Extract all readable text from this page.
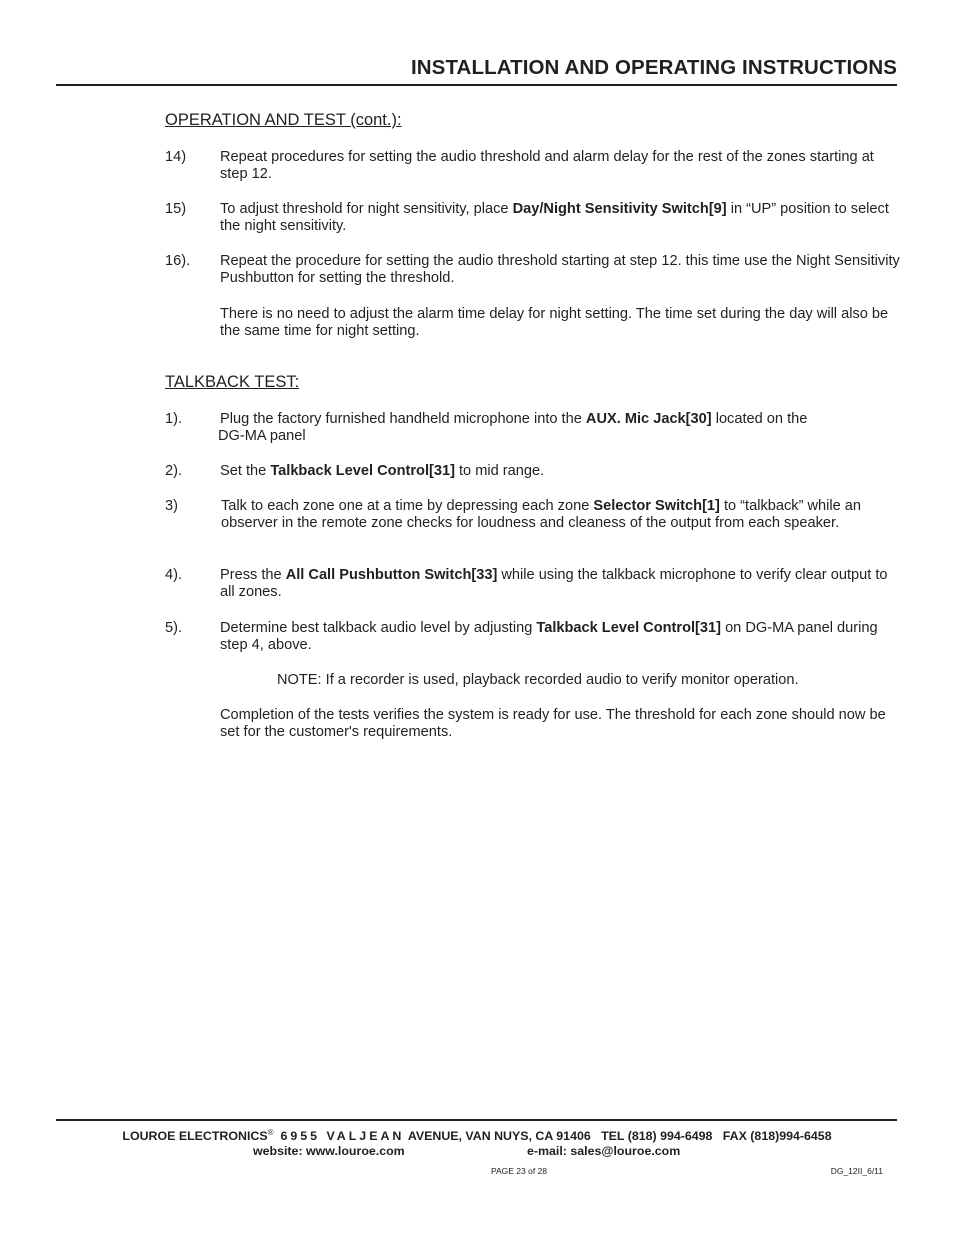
INSTALLATION AND OPERATING INSTRUCTIONS
OPERATION AND TEST (cont.):
14) Repeat procedures for setting the audio threshold and alarm delay for the rest of the zones starting at step 12.
15) To adjust threshold for night sensitivity, place Day/Night Sensitivity Switch[9] in “UP” position to select the night sensitivity.
16). Repeat the procedure for setting the audio threshold starting at step 12. this time use the Night Sensitivity Pushbutton for setting the threshold.
There is no need to adjust the alarm time delay for night setting. The time set during the day will also be the same time for night setting.
TALKBACK TEST:
1).	Plug the factory furnished handheld microphone into the AUX. Mic Jack[30] located on the
DG-MA panel
2).	Set the Talkback Level Control[31] to mid range.
3)	Talk to each zone one at a time by depressing each zone Selector Switch[1] to “talkback” while an observer in the remote zone checks for loudness and cleaness of the output from each speaker.
4).	Press the All Call Pushbutton Switch[33] while using the talkback microphone to verify clear output to all zones.
5).	Determine best talkback audio level by adjusting Talkback Level Control[31] on DG-MA panel during step 4, above.
NOTE: If a recorder is used, playback recorded audio to verify monitor operation.
Completion of the tests verifies the system is ready for use. The threshold for each zone should now be set for the customer's requirements.
LOUROE ELECTRONICS® 6955 VALJEAN AVENUE, VAN NUYS, CA 91406 TEL (818) 994-6498 FAX (818)994-6458
website: www.louroe.com	e-mail: sales@louroe.com
PAGE 23 of 28	DG_12II_6/11
